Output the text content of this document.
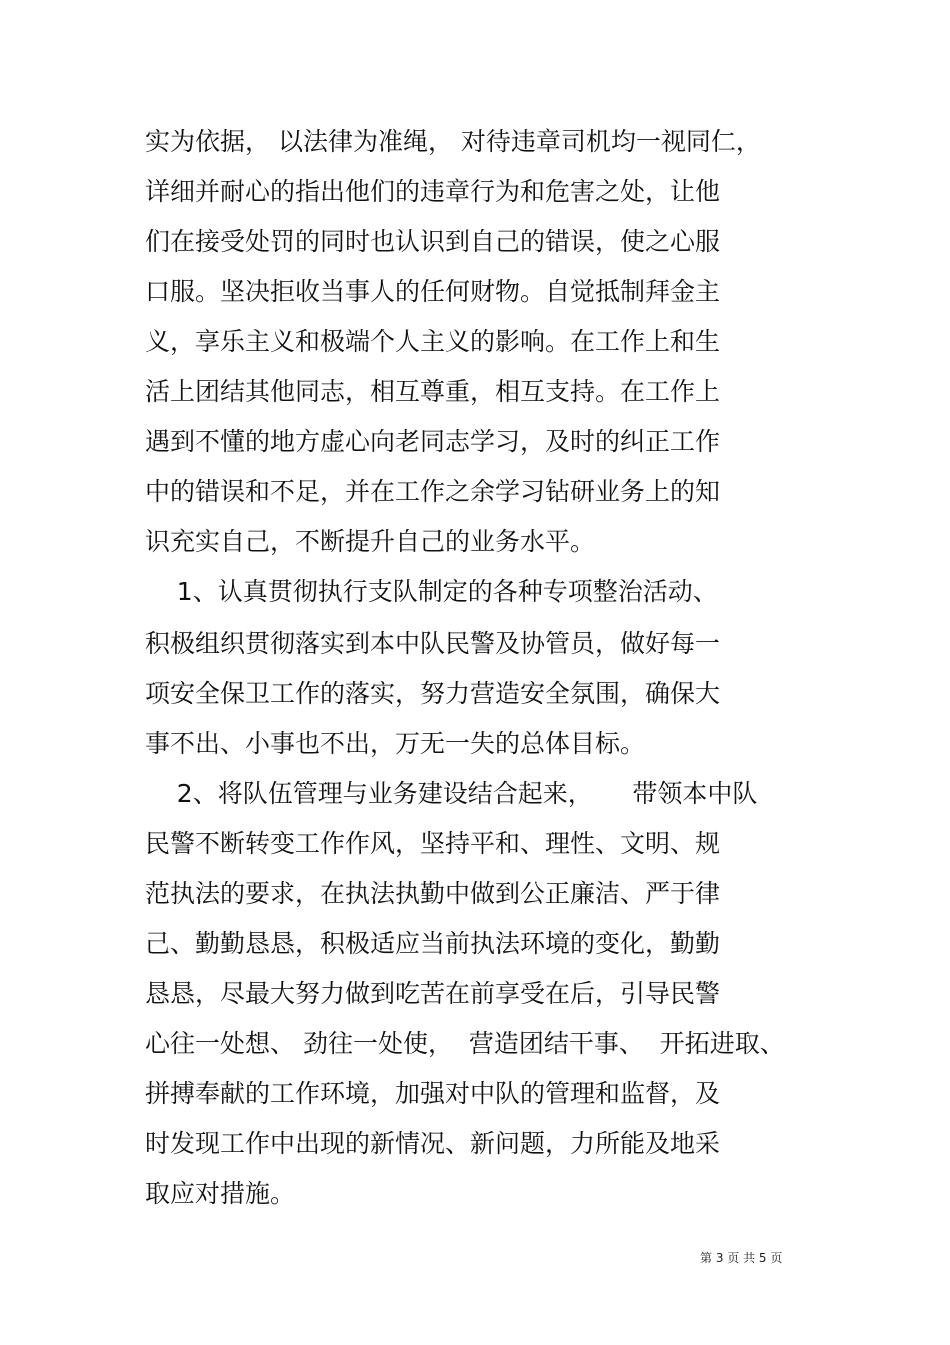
实为依据， 以法律为准绳， 对待违章司机均一视同仁，
详细并耐心的指出他们的违章行为和危害之处，让他
们在接受处罚的同时也认识到自己的错误，使之心服
口服。坚决拒收当事人的任何财物。自觉抵制拜金主
义，享乐主义和极端个人主义的影响。在工作上和生
活上团结其他同志，相互尊重，相互支持。在工作上
遇到不懂的地方虚心向老同志学习，及时的纠正工作
中的错误和不足，并在工作之余学习钻研业务上的知
识充实自己，不断提升自己的业务水平。
1、认真贯彻执行支队制定的各种专项整治活动、
积极组织贯彻落实到本中队民警及协管员，做好每一
项安全保卫工作的落实，努力营造安全氛围，确保大
事不出、小事也不出，万无一失的总体目标。
2、将队伍管理与业务建设结合起来，     带领本中队
民警不断转变工作作风，坚持平和、理性、文明、规
范执法的要求，在执法执勤中做到公正廉洁、严于律
己、勤勤恳恳，积极适应当前执法环境的变化，勤勤
恳恳，尽最大努力做到吃苦在前享受在后，引导民警
心往一处想、 劲往一处使，  营造团结干事、  开拓进取、
拼搏奉献的工作环境，加强对中队的管理和监督，及
时发现工作中出现的新情况、新问题，力所能及地采
取应对措施。
第 3 页 共 5 页
